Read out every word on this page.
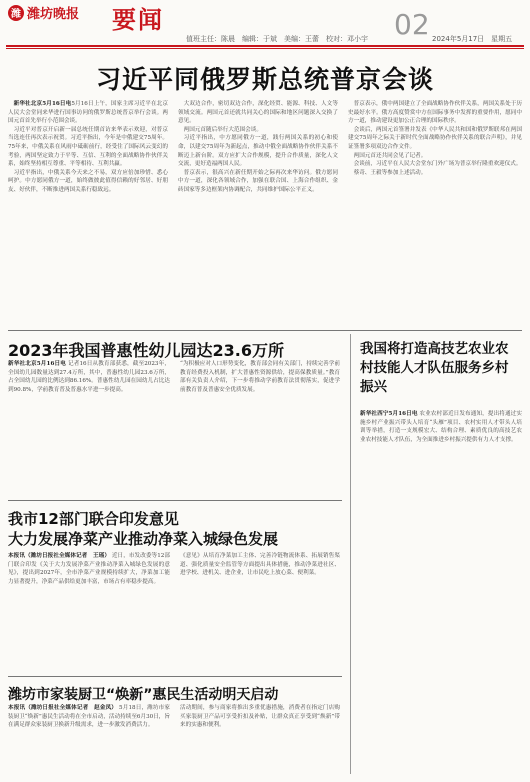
潍 潍坊晚报 要闻
值班主任：陈晨　编辑：于斌　美编：王蕾　校对：邓小宇 02 2024年5月17日　星期五
习近平同俄罗斯总统普京会谈

新华社北京5月16日电5月16日上午，国家主席习近平在北京人民大会堂同来华进行国事访问的俄罗斯总统普京举行会谈。两国元首首先举行小范围会谈。

习近平对普京开启新一届总统任期首访来华表示欢迎，对普京当选连任再次表示祝贺。习近平指出，今年是中俄建交75周年。75年来，中俄关系在风雨中砥砺前行，经受住了国际风云变幻的考验，两国坚定致力于平等、互信、互利的全面战略协作伙伴关系，始终坚持相互尊重、平等相待、互利共赢。

习近平指出，中俄关系今天来之不易，双方应倍加珍惜、悉心呵护。中方愿同俄方一道，始终做彼此值得信赖的好邻居、好朋友、好伙伴，不断推进两国关系行稳致远。

大双边合作，密切双边合作，深化经贸、能源、科技、人文等领域交流。两国元首还就共同关心的国际和地区问题深入交换了意见。

两国元首随后举行大范围会谈。

习近平指出，中方愿同俄方一道，践行两国关系的初心和使命，以建交75周年为新起点，推动中俄全面战略协作伙伴关系不断迈上新台阶。双方应扩大合作规模，提升合作质量，深化人文交流，更好造福两国人民。

普京表示，很高兴在新任期开始之际再次来华访问。俄方愿同中方一道，深化各领域合作，加强在联合国、上海合作组织、金砖国家等多边框架内协调配合，共同维护国际公平正义。

普京表示，俄中两国建立了全面战略协作伙伴关系，两国关系处于历史最好水平。俄方高度赞赏中方在国际事务中发挥的重要作用，愿同中方一道，推动建设更加公正合理的国际秩序。

会谈后，两国元首签署并发表《中华人民共和国和俄罗斯联邦在两国建交75周年之际关于新时代全面战略协作伙伴关系的联合声明》，并见证签署多项双边合作文件。

两国元首还共同会见了记者。

会谈前，习近平在人民大会堂东门外广场为普京举行隆重欢迎仪式。

蔡奇、王毅等参加上述活动。

2023年我国普惠性幼儿园达23.6万所
新华社北京5月16日电 记者16日从教育部获悉，截至2023年，全国幼儿园数量达到27.4万所，其中，普惠性幼儿园23.6万所，占全国幼儿园的比例达到86.16%。普惠性幼儿园在园幼儿占比达到90.8%，学前教育普及普惠水平进一步提高。
“为积极应对人口形势变化，教育部会同有关部门，持续完善学前教育经费投入机制，扩大普惠性资源供给，提高保教质量。”教育部有关负责人介绍，下一步将推动学前教育法贯彻落实，促进学前教育普及普惠安全优质发展。
我国将打造高技艺农业农村技能人才队伍服务乡村振兴
新华社西宁5月16日电 农业农村部近日发布通知，提出将通过实施乡村产业振兴带头人培育“头雁”项目、农村实用人才带头人培训等举措，打造一支规模宏大、结构合理、素质优良的高技艺农业农村技能人才队伍，为全面推进乡村振兴提供有力人才支撑。
我市12部门联合印发意见
大力发展净菜产业推动净菜入城绿色发展
本报讯（潍坊日报社全媒体记者　王瑶） 近日，市发改委等12部门联合印发《关于大力发展净菜产业推动净菜入城绿色发展的意见》，提出到2027年，全市净菜产业规模持续扩大，净菜加工能力显著提升，净菜产品供给更加丰富，市场占有率稳步提高。
《意见》从培育净菜加工主体、完善冷链物流体系、拓展销售渠道、强化质量安全监管等方面提出具体措施，推动净菜进社区、进学校、进机关、进企业，让市民吃上放心菜、便利菜。
潍坊市家装厨卫“焕新”惠民生活动明天启动
本报讯（潍坊日报社全媒体记者　赵金凤） 5月18日，潍坊市家装厨卫“焕新”惠民生活动将在全市启动，活动持续至6月30日，旨在满足群众家装厨卫换新升级需求，进一步激发消费活力。
活动期间，参与商家将推出多重优惠措施，消费者在指定门店购买家装厨卫产品可享受折扣及补贴，让群众真正享受到“焕新”带来的实惠和便利。
